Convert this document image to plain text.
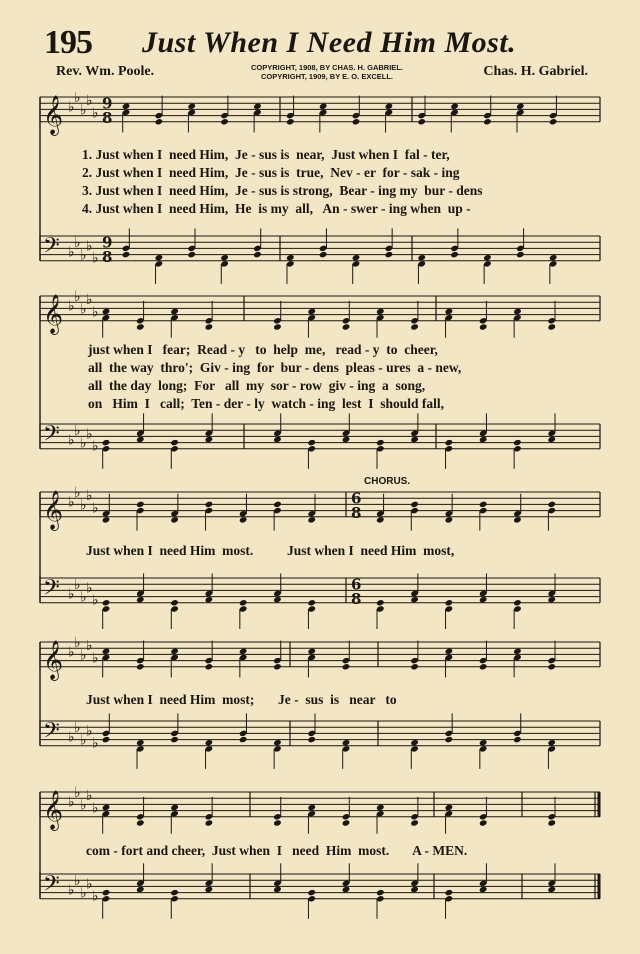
195 Just When I Need Him Most.
Rev. Wm. Poole.	COPYRIGHT, 1908, BY CHAS. H. GABRIEL.
COPYRIGHT, 1909, BY E. O. EXCELL.	Chas. H. Gabriel.
𝄞 ♭
♭
♭
♭
♭
9
8
𝄢 ♭
♭
♭
♭
♭
9
8
𝄞 ♭
♭
♭
♭
♭
𝄢 ♭
♭
♭
♭
♭
𝄞 ♭
♭
♭
♭
♭
6
8
𝄢 ♭
♭
♭
♭
♭
6
8
𝄞 ♭
♭
♭
♭
♭
𝄢 ♭
♭
♭
♭
♭
𝄞 ♭
♭
♭
♭
♭
𝄢 ♭
♭
♭
♭
♭
1. Just when I  need Him,  Je - sus is  near,  Just when I  fal - ter,
2. Just when I  need Him,  Je - sus is  true,  Nev - er  for - sak - ing
3. Just when I  need Him,  Je - sus is strong,  Bear - ing my  bur - dens
4. Just when I  need Him,  He  is my  all,   An - swer - ing when  up -
just when I   fear;  Read - y   to  help  me,   read - y  to  cheer,
all  the way  thro';  Giv - ing  for  bur - dens  pleas - ures  a - new,
all  the day  long;  For   all  my  sor - row  giv - ing  a  song,
on   Him  I   call;  Ten - der - ly  watch - ing  lest  I  should fall,
CHORUS.
Just when I  need Him  most.          Just when I  need Him  most,
Just when I  need Him  most;       Je -  sus  is   near   to
com - fort and cheer,  Just when  I   need  Him  most.       A - MEN.
